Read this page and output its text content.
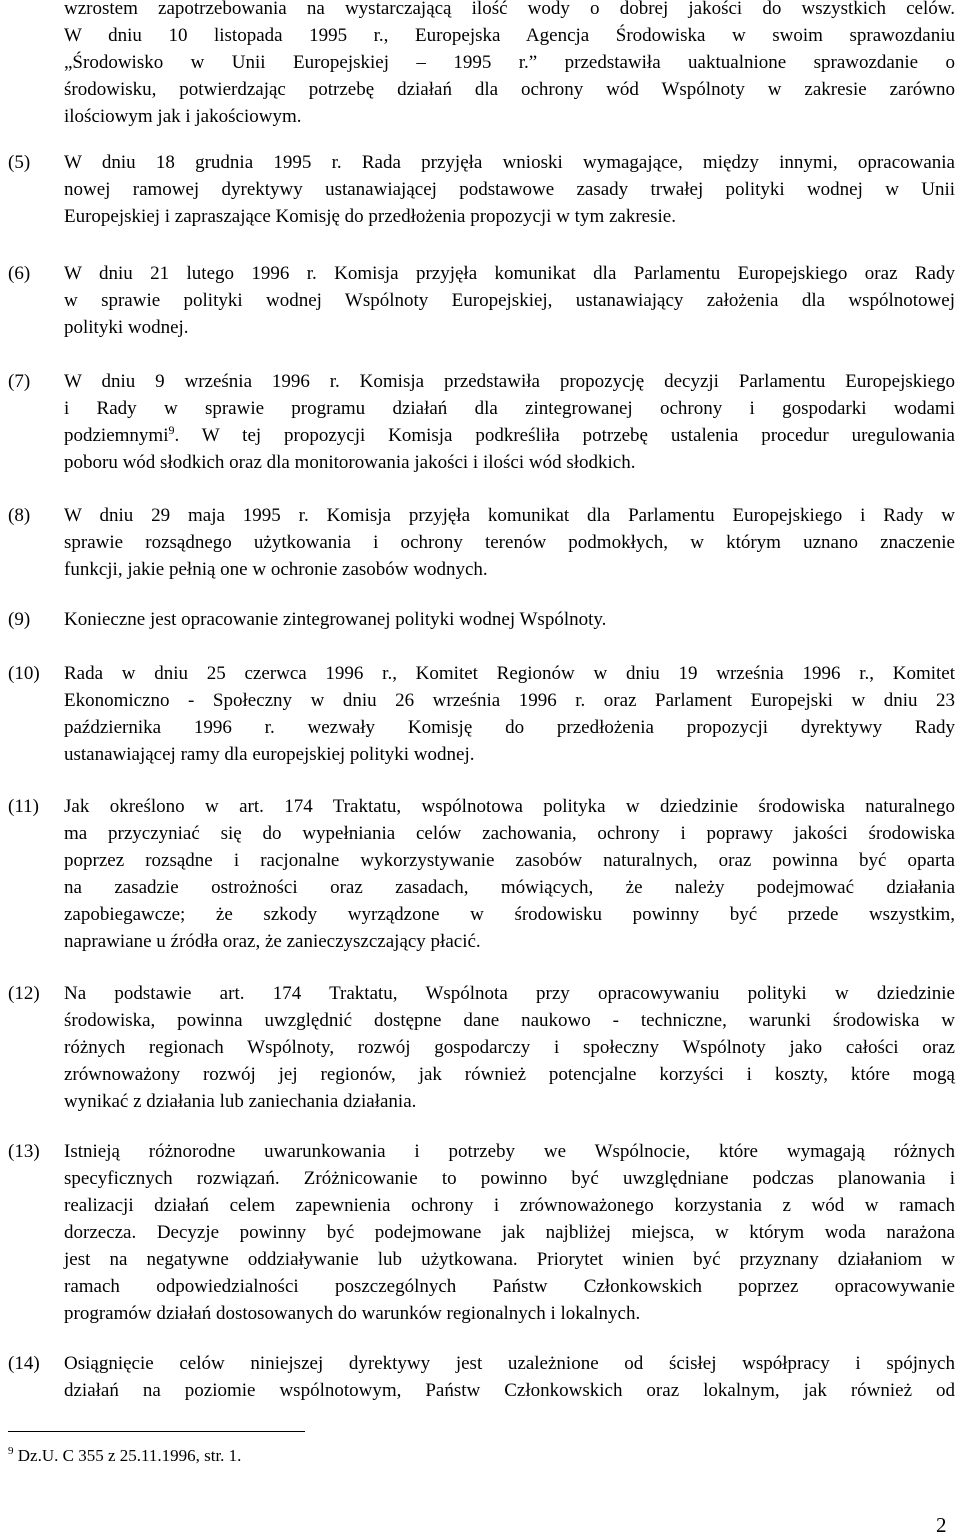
wzrostem zapotrzebowania na wystarczającą ilość wody o dobrej jakości do wszystkich celów.

W dniu 10 listopada 1995 r., Europejska Agencja Środowiska w swoim sprawozdaniu

„Środowisko w Unii Europejskiej – 1995 r.” przedstawiła uaktualnione sprawozdanie o

środowisku, potwierdzając potrzebę działań dla ochrony wód Wspólnoty w zakresie zarówno

ilościowym jak i jakościowym.

(5) W dniu 18 grudnia 1995 r. Rada przyjęła wnioski wymagające, między innymi, opracowania

nowej ramowej dyrektywy ustanawiającej podstawowe zasady trwałej polityki wodnej w Unii

Europejskiej i zapraszające Komisję do przedłożenia propozycji w tym zakresie.

(6) W dniu 21 lutego 1996 r. Komisja przyjęła komunikat dla Parlamentu Europejskiego oraz Rady

w sprawie polityki wodnej Wspólnoty Europejskiej, ustanawiający założenia dla wspólnotowej

polityki wodnej.

(7) W dniu 9 września 1996 r. Komisja przedstawiła propozycję decyzji Parlamentu Europejskiego

i Rady w sprawie programu działań dla zintegrowanej ochrony i gospodarki wodami

podziemnymi$^9$. W tej propozycji Komisja podkreśliła potrzebę ustalenia procedur uregulowania

poboru wód słodkich oraz dla monitorowania jakości i ilości wód słodkich.

(8) W dniu 29 maja 1995 r. Komisja przyjęła komunikat dla Parlamentu Europejskiego i Rady w

sprawie rozsądnego użytkowania i ochrony terenów podmokłych, w którym uznano znaczenie

funkcji, jakie pełnią one w ochronie zasobów wodnych.

(9) Konieczne jest opracowanie zintegrowanej polityki wodnej Wspólnoty.

(10) Rada w dniu 25 czerwca 1996 r., Komitet Regionów w dniu 19 września 1996 r., Komitet

Ekonomiczno - Społeczny w dniu 26 września 1996 r. oraz Parlament Europejski w dniu 23

października 1996 r. wezwały Komisję do przedłożenia propozycji dyrektywy Rady

ustanawiającej ramy dla europejskiej polityki wodnej.

(11) Jak określono w art. 174 Traktatu, wspólnotowa polityka w dziedzinie środowiska naturalnego

ma przyczyniać się do wypełniania celów zachowania, ochrony i poprawy jakości środowiska

poprzez rozsądne i racjonalne wykorzystywanie zasobów naturalnych, oraz powinna być oparta

na zasadzie ostrożności oraz zasadach, mówiących, że należy podejmować działania

zapobiegawcze; że szkody wyrządzone w środowisku powinny być przede wszystkim,

naprawiane u źródła oraz, że zanieczyszczający płacić.

(12) Na podstawie art. 174 Traktatu, Wspólnota przy opracowywaniu polityki w dziedzinie

środowiska, powinna uwzględnić dostępne dane naukowo - techniczne, warunki środowiska w

różnych regionach Wspólnoty, rozwój gospodarczy i społeczny Wspólnoty jako całości oraz

zrównoważony rozwój jej regionów, jak również potencjalne korzyści i koszty, które mogą

wynikać z działania lub zaniechania działania.

(13) Istnieją różnorodne uwarunkowania i potrzeby we Wspólnocie, które wymagają różnych

specyficznych rozwiązań. Zróżnicowanie to powinno być uwzględniane podczas planowania i

realizacji działań celem zapewnienia ochrony i zrównoważonego korzystania z wód w ramach

dorzecza. Decyzje powinny być podejmowane jak najbliżej miejsca, w którym woda narażona

jest na negatywne oddziaływanie lub użytkowana. Priorytet winien być przyznany działaniom w

ramach odpowiedzialności poszczególnych Państw Członkowskich poprzez opracowywanie

programów działań dostosowanych do warunków regionalnych i lokalnych.

(14) Osiągnięcie celów niniejszej dyrektywy jest uzależnione od ścisłej współpracy i spójnych

działań na poziomie wspólnotowym, Państw Członkowskich oraz lokalnym, jak również od

$^9$ Dz.U. C 355 z 25.11.1996, str. 1.
2
